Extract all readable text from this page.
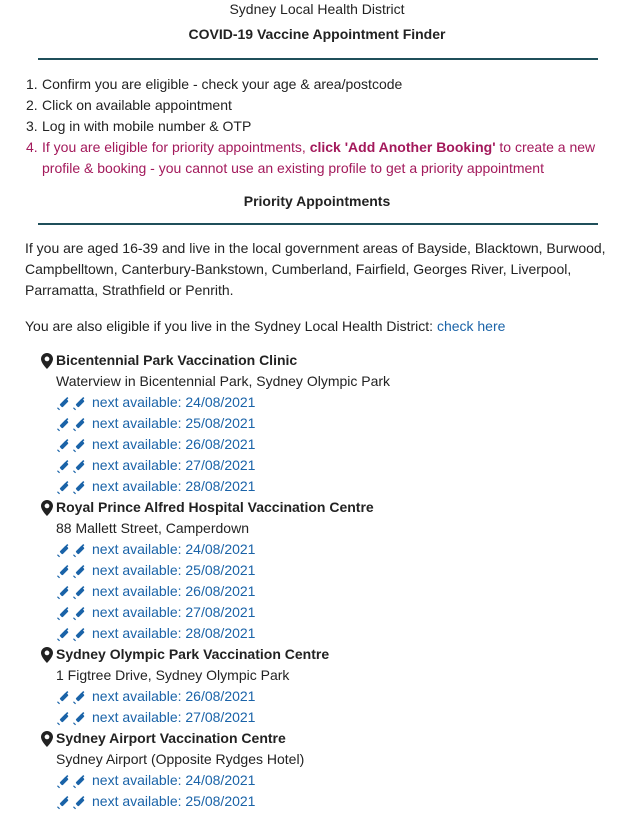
Sydney Local Health District
COVID-19 Vaccine Appointment Finder
1. Confirm you are eligible - check your age & area/postcode
2. Click on available appointment
3. Log in with mobile number & OTP
4. If you are eligible for priority appointments, click 'Add Another Booking' to create a new profile & booking - you cannot use an existing profile to get a priority appointment
Priority Appointments

If you are aged 16-39 and live in the local government areas of Bayside, Blacktown, Burwood, Campbelltown, Canterbury-Bankstown, Cumberland, Fairfield, Georges River, Liverpool, Parramatta, Strathfield or Penrith.

You are also eligible if you live in the Sydney Local Health District: check here

Bicentennial Park Vaccination Clinic
Waterview in Bicentennial Park, Sydney Olympic Park
next available: 24/08/2021
next available: 25/08/2021
next available: 26/08/2021
next available: 27/08/2021
next available: 28/08/2021
Royal Prince Alfred Hospital Vaccination Centre
88 Mallett Street, Camperdown
next available: 24/08/2021
next available: 25/08/2021
next available: 26/08/2021
next available: 27/08/2021
next available: 28/08/2021
Sydney Olympic Park Vaccination Centre
1 Figtree Drive, Sydney Olympic Park
next available: 26/08/2021
next available: 27/08/2021
Sydney Airport Vaccination Centre
Sydney Airport (Opposite Rydges Hotel)
next available: 24/08/2021
next available: 25/08/2021
